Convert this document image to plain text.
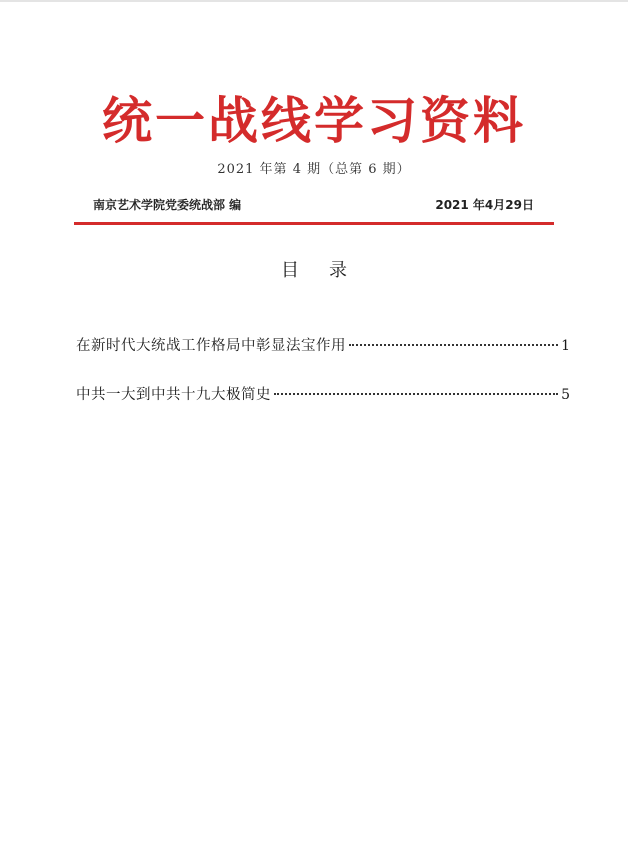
统一战线学习资料
2021 年第 4 期（总第 6 期）
南京艺术学院党委统战部 编	2021 年4月29日
目录
在新时代大统战工作格局中彰显法宝作用	1
中共一大到中共十九大极简史	5
